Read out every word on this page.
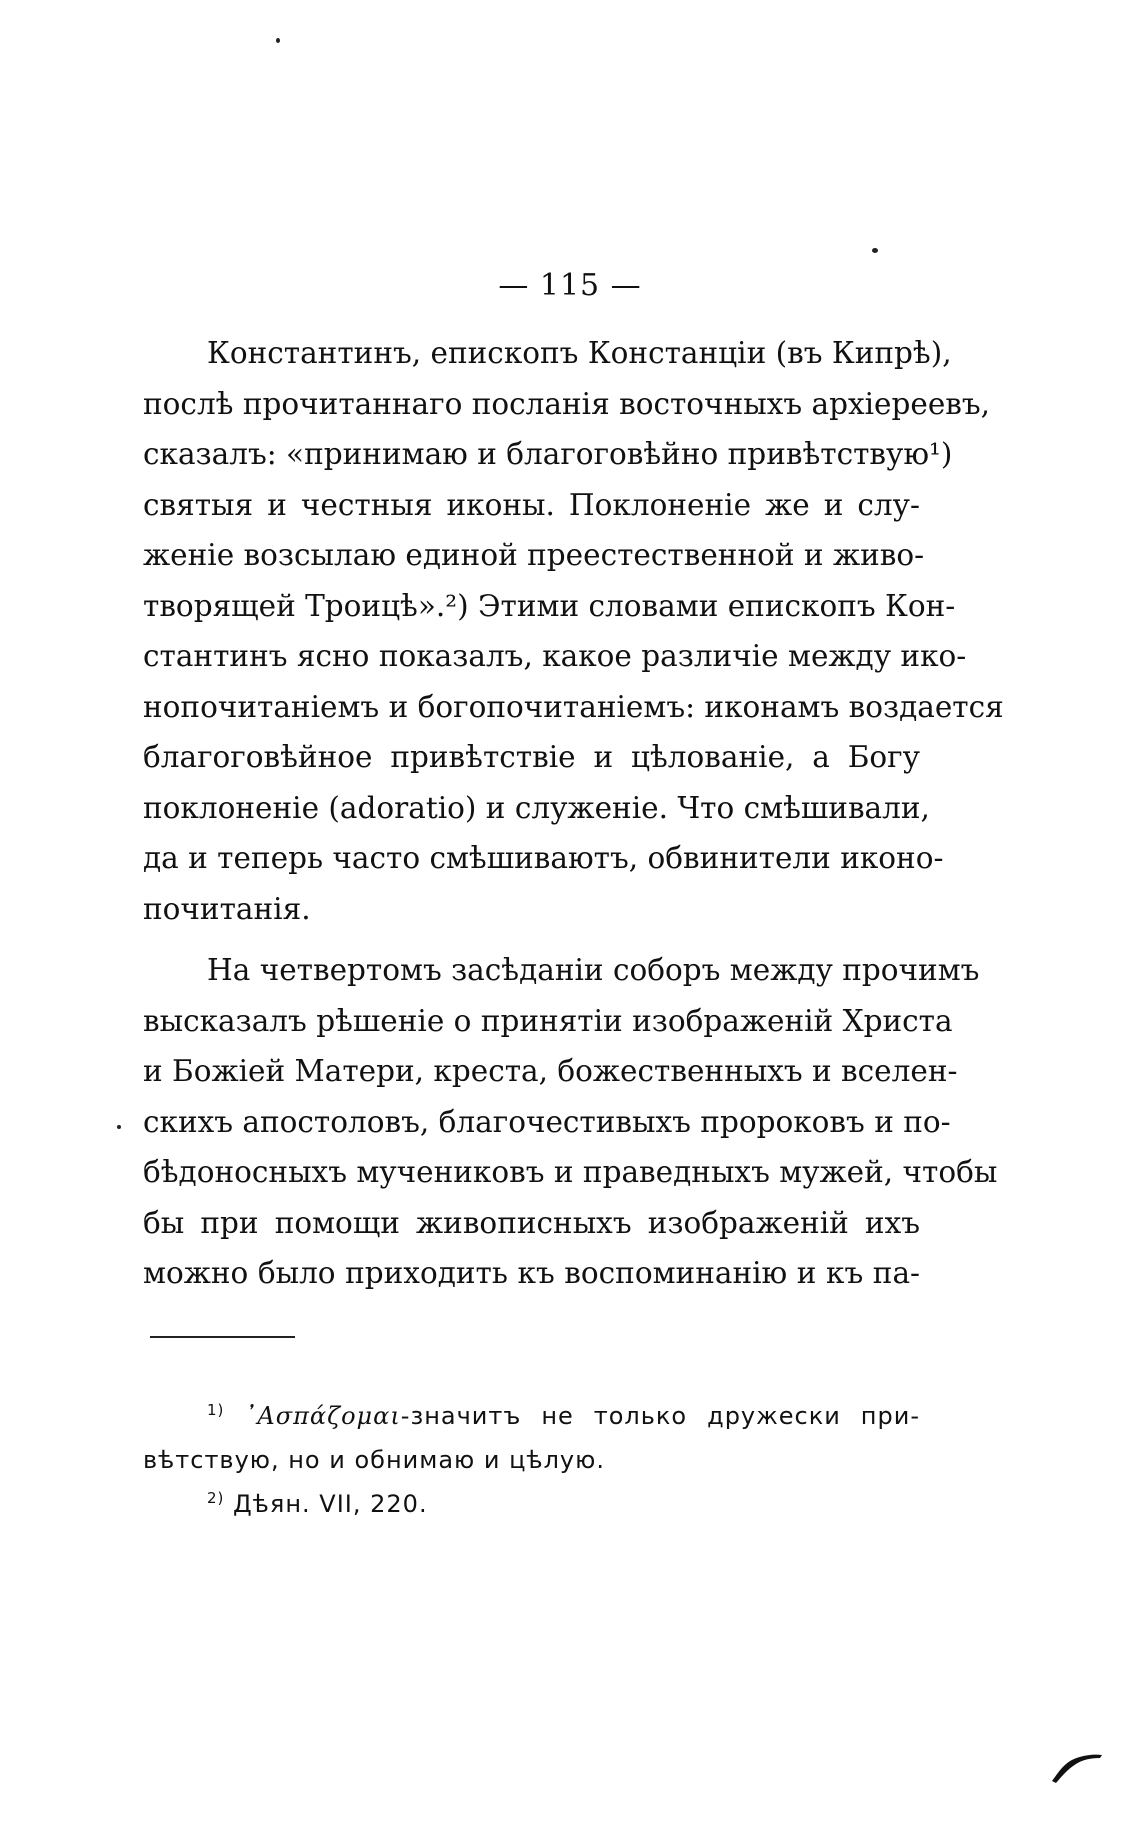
— 115 —
Константинъ, епископъ Констанціи (въ Кипрѣ),
послѣ прочитаннаго посланія восточныхъ архіереевъ,
сказалъ: «принимаю и благоговѣйно привѣтствую¹)
святыя и честныя иконы. Поклоненіе же и слу-
женіе возсылаю единой преестественной и живо-
творящей Троицѣ».²) Этими словами епископъ Кон-
стантинъ ясно показалъ, какое различіе между ико-
нопочитаніемъ и богопочитаніемъ: иконамъ воздается
благоговѣйное привѣтствіе и цѣлованіе, а Богу
поклоненіе (adoratio) и служеніе. Что смѣшивали,
да и теперь часто смѣшиваютъ, обвинители иконо-
почитанія.
На четвертомъ засѣданіи соборъ между прочимъ
высказалъ рѣшеніе о принятіи изображеній Христа
и Божіей Матери, креста, божественныхъ и вселен-
скихъ апостоловъ, благочестивыхъ пророковъ и по-
бѣдоносныхъ мучениковъ и праведныхъ мужей, чтобы
бы при помощи живописныхъ изображеній ихъ
можно было приходить къ воспоминанію и къ па-
$^{1)}$ ᾽Ασπάζομαι-значитъ не только дружески при-
вѣтствую, но и обнимаю и цѣлую.
$^{2)}$ Дѣян. VII, 220.
